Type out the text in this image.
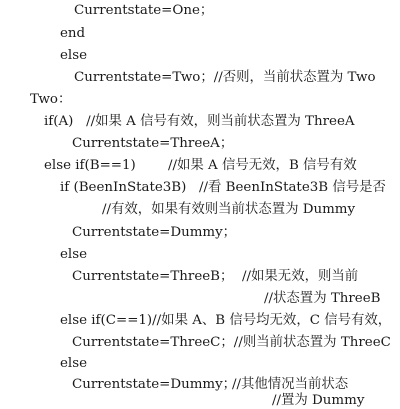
Currentstate=One；
end
else
Currentstate=Two；//否则，当前状态置为 Two
Two：
if(A)   //如果 A 信号有效，则当前状态置为 ThreeA
Currentstate=ThreeA；
else if(B==1) //如果 A 信号无效，B 信号有效
if (BeenInState3B) //看 BeenInState3B 信号是否
//有效，如果有效则当前状态置为 Dummy
Currentstate=Dummy；
else
Currentstate=ThreeB； //如果无效，则当前
//状态置为 ThreeB
else if(C==1)//如果 A、B 信号均无效，C 信号有效，
Currentstate=ThreeC；//则当前状态置为 ThreeC
else
Currentstate=Dummy；
//其他情况当前状态
//置为 Dummy
